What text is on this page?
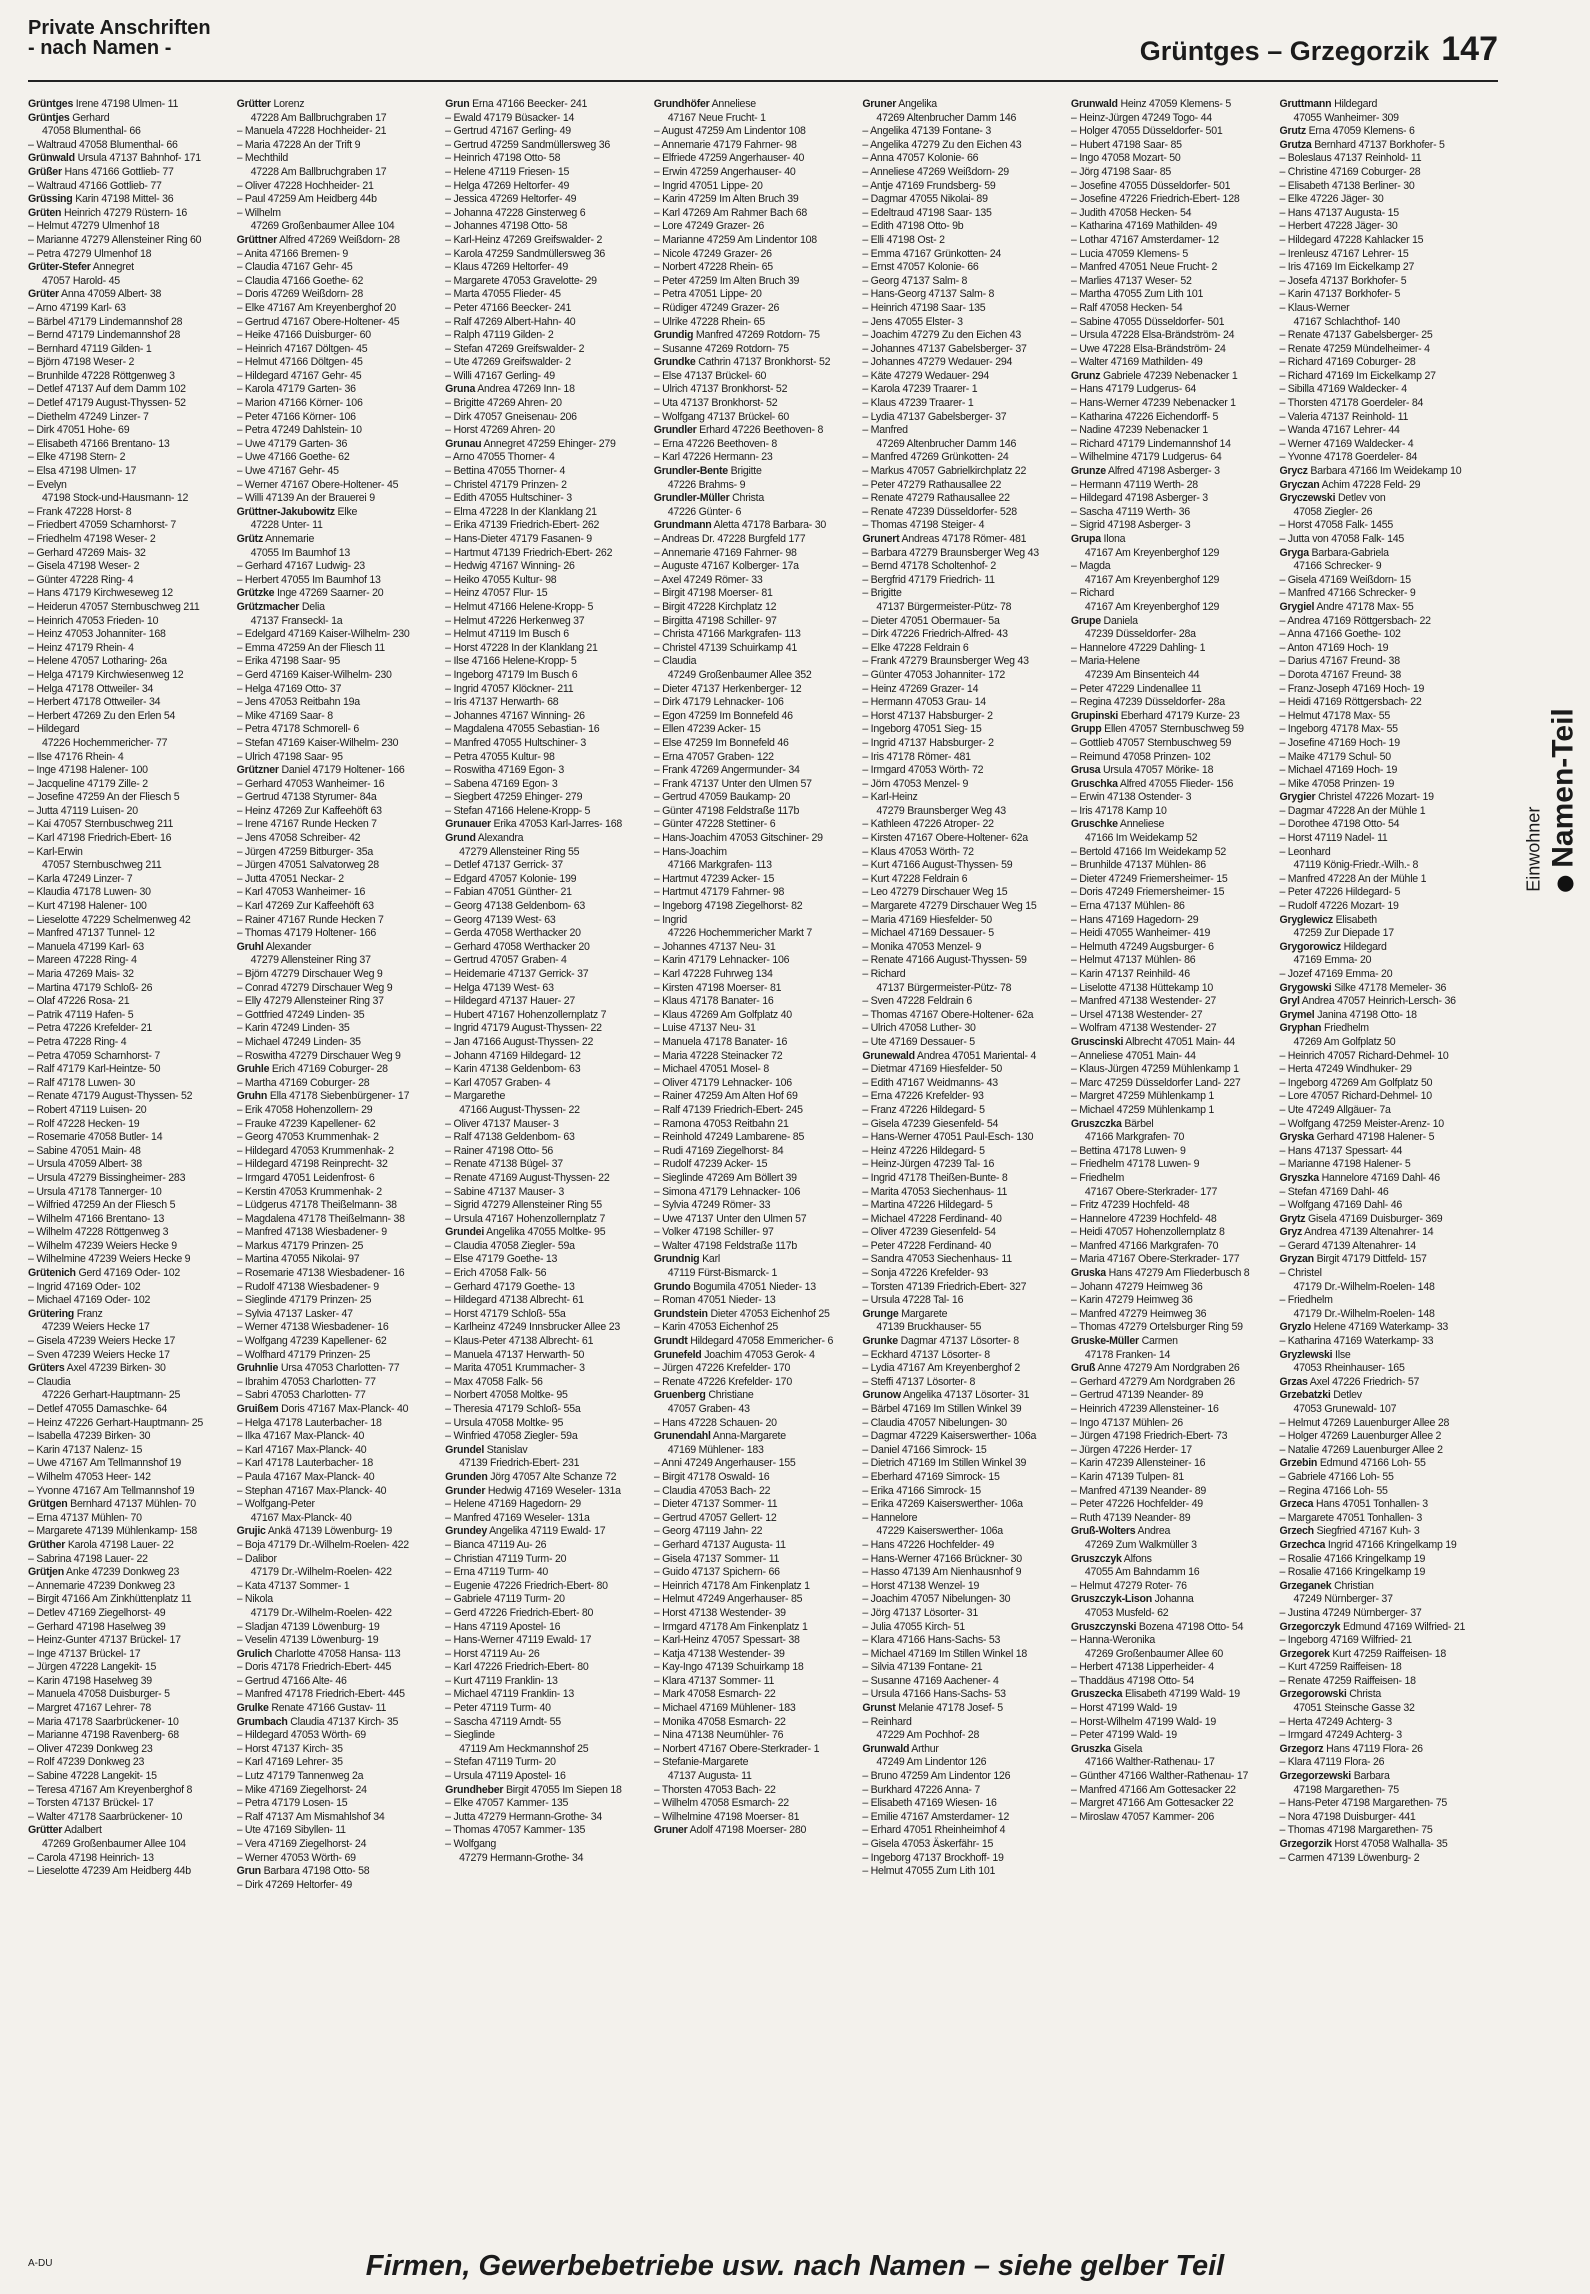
Private Anschriften
- nach Namen -	Grüntges – Grzegorzik 147
Grüntges Irene 47198 Ulmen- 11
Grüntjes Gerhard
47058 Blumenthal- 66
– Waltraud 47058 Blumenthal- 66
Grünwald Ursula 47137 Bahnhof- 171
Grüßer Hans 47166 Gottlieb- 77
– Waltraud 47166 Gottlieb- 77
Grüssing Karin 47198 Mittel- 36
Grüten Heinrich 47279 Rüstern- 16
– Helmut 47279 Ulmenhof 18
– Marianne 47279 Allensteiner Ring 60
– Petra 47279 Ulmenhof 18
Grüter-Stefer Annegret
47057 Harold- 45
Grüter Anna 47059 Albert- 38
– Arno 47199 Karl- 63
– Bärbel 47179 Lindemannshof 28
– Bernd 47179 Lindemannshof 28
– Bernhard 47119 Gilden- 1
– Björn 47198 Weser- 2
– Brunhilde 47228 Röttgenweg 3
– Detlef 47137 Auf dem Damm 102
– Detlef 47179 August-Thyssen- 52
– Diethelm 47249 Linzer- 7
– Dirk 47051 Hohe- 69
– Elisabeth 47166 Brentano- 13
– Elke 47198 Stern- 2
– Elsa 47198 Ulmen- 17
– Evelyn
47198 Stock-und-Hausmann- 12
– Frank 47228 Horst- 8
– Friedbert 47059 Scharnhorst- 7
– Friedhelm 47198 Weser- 2
– Gerhard 47269 Mais- 32
– Gisela 47198 Weser- 2
– Günter 47228 Ring- 4
– Hans 47179 Kirchweseweg 12
– Heiderun 47057 Sternbuschweg 211
– Heinrich 47053 Frieden- 10
– Heinz 47053 Johanniter- 168
– Heinz 47179 Rhein- 4
– Helene 47057 Lotharing- 26a
– Helga 47179 Kirchwiesenweg 12
– Helga 47178 Ottweiler- 34
– Herbert 47178 Ottweiler- 34
– Herbert 47269 Zu den Erlen 54
– Hildegard
47226 Hochemmericher- 77
– Ilse 47176 Rhein- 4
– Inge 47198 Halener- 100
– Jacqueline 47179 Zille- 2
– Josefine 47259 An der Fliesch 5
– Jutta 47119 Luisen- 20
– Kai 47057 Sternbuschweg 211
– Karl 47198 Friedrich-Ebert- 16
– Karl-Erwin
47057 Sternbuschweg 211
– Karla 47249 Linzer- 7
– Klaudia 47178 Luwen- 30
– Kurt 47198 Halener- 100
– Lieselotte 47229 Schelmenweg 42
– Manfred 47137 Tunnel- 12
– Manuela 47199 Karl- 63
– Mareen 47228 Ring- 4
– Maria 47269 Mais- 32
– Martina 47179 Schloß- 26
– Olaf 47226 Rosa- 21
– Patrik 47119 Hafen- 5
– Petra 47226 Krefelder- 21
– Petra 47228 Ring- 4
– Petra 47059 Scharnhorst- 7
– Ralf 47179 Karl-Heintze- 50
– Ralf 47178 Luwen- 30
– Renate 47179 August-Thyssen- 52
– Robert 47119 Luisen- 20
– Rolf 47228 Hecken- 19
– Rosemarie 47058 Butler- 14
– Sabine 47051 Main- 48
– Ursula 47059 Albert- 38
– Ursula 47279 Bissingheimer- 283
– Ursula 47178 Tannerger- 10
– Wilfried 47259 An der Fliesch 5
– Wilhelm 47166 Brentano- 13
– Wilhelm 47228 Röttgenweg 3
– Wilhelm 47239 Weiers Hecke 9
– Wilhelmine 47239 Weiers Hecke 9
Grütenich Gerd 47169 Oder- 102
– Ingrid 47169 Oder- 102
– Michael 47169 Oder- 102
Grütering Franz
47239 Weiers Hecke 17
– Gisela 47239 Weiers Hecke 17
– Sven 47239 Weiers Hecke 17
Grüters Axel 47239 Birken- 30
– Claudia
47226 Gerhart-Hauptmann- 25
– Detlef 47055 Damaschke- 64
– Heinz 47226 Gerhart-Hauptmann- 25
– Isabella 47239 Birken- 30
– Karin 47137 Nalenz- 15
– Uwe 47167 Am Tellmannshof 19
– Wilhelm 47053 Heer- 142
– Yvonne 47167 Am Tellmannshof 19
Grütgen Bernhard 47137 Mühlen- 70
– Erna 47137 Mühlen- 70
– Margarete 47139 Mühlenkamp- 158
Grüther Karola 47198 Lauer- 22
– Sabrina 47198 Lauer- 22
Grütjen Anke 47239 Donkweg 23
– Annemarie 47239 Donkweg 23
– Birgit 47166 Am Zinkhüttenplatz 11
– Detlev 47169 Ziegelhorst- 49
– Gerhard 47198 Haselweg 39
– Heinz-Gunter 47137 Brückel- 17
– Inge 47137 Brückel- 17
– Jürgen 47228 Langekit- 15
– Karin 47198 Haselweg 39
– Manuela 47058 Duisburger- 5
– Margret 47167 Lehrer- 78
– Maria 47178 Saarbrückener- 10
– Marianne 47198 Ravenberg- 68
– Oliver 47239 Donkweg 23
– Rolf 47239 Donkweg 23
– Sabine 47228 Langekit- 15
– Teresa 47167 Am Kreyenberghof 8
– Torsten 47137 Brückel- 17
– Walter 47178 Saarbrückener- 10
Grütter Adalbert
47269 Großenbaumer Allee 104
– Carola 47198 Heinrich- 13
– Lieselotte 47239 Am Heidberg 44b
Grütter Lorenz
47228 Am Ballbruchgraben 17
– Manuela 47228 Hochheider- 21
– Maria 47228 An der Trift 9
– Mechthild
47228 Am Ballbruchgraben 17
– Oliver 47228 Hochheider- 21
– Paul 47259 Am Heidberg 44b
– Wilhelm
47269 Großenbaumer Allee 104
Grüttner Alfred 47269 Weißdorn- 28
– Anita 47166 Bremen- 9
– Claudia 47167 Gehr- 45
– Claudia 47166 Goethe- 62
– Doris 47269 Weißdorn- 28
– Elke 47167 Am Kreyenberghof 20
– Gertrud 47167 Obere-Holtener- 45
– Heike 47166 Duisburger- 60
– Heinrich 47167 Döltgen- 45
– Helmut 47166 Döltgen- 45
– Hildegard 47167 Gehr- 45
– Karola 47179 Garten- 36
– Marion 47166 Körner- 106
– Peter 47166 Körner- 106
– Petra 47249 Dahlstein- 10
– Uwe 47179 Garten- 36
– Uwe 47166 Goethe- 62
– Uwe 47167 Gehr- 45
– Werner 47167 Obere-Holtener- 45
– Willi 47139 An der Brauerei 9
Grüttner-Jakubowitz Elke
47228 Unter- 11
Grütz Annemarie
47055 Im Baumhof 13
– Gerhard 47167 Ludwig- 23
– Herbert 47055 Im Baumhof 13
Grützke Inge 47269 Saarner- 20
Grützmacher Delia
47137 Franseckl- 1a
– Edelgard 47169 Kaiser-Wilhelm- 230
– Emma 47259 An der Fliesch 11
– Erika 47198 Saar- 95
– Gerd 47169 Kaiser-Wilhelm- 230
– Helga 47169 Otto- 37
– Jens 47053 Reitbahn 19a
– Mike 47169 Saar- 8
– Petra 47178 Schmorell- 6
– Stefan 47169 Kaiser-Wilhelm- 230
– Ulrich 47198 Saar- 95
Grützner Daniel 47179 Holtener- 166
– Gerhard 47053 Wanheimer- 16
– Gertrud 47138 Styrumer- 84a
– Heinz 47269 Zur Kaffeehöft 63
– Irene 47167 Runde Hecken 7
– Jens 47058 Schreiber- 42
– Jürgen 47259 Bitburger- 35a
– Jürgen 47051 Salvatorweg 28
– Jutta 47051 Neckar- 2
– Karl 47053 Wanheimer- 16
– Karl 47269 Zur Kaffeehöft 63
– Rainer 47167 Runde Hecken 7
– Thomas 47179 Holtener- 166
Gruhl Alexander
47279 Allensteiner Ring 37
– Björn 47279 Dirschauer Weg 9
– Conrad 47279 Dirschauer Weg 9
– Elly 47279 Allensteiner Ring 37
– Gottfried 47249 Linden- 35
– Karin 47249 Linden- 35
– Michael 47249 Linden- 35
– Roswitha 47279 Dirschauer Weg 9
Gruhle Erich 47169 Coburger- 28
– Martha 47169 Coburger- 28
Gruhn Ella 47178 Siebenbürgener- 17
– Erik 47058 Hohenzollern- 29
– Frauke 47239 Kapellener- 62
– Georg 47053 Krummenhak- 2
– Hildegard 47053 Krummenhak- 2
– Hildegard 47198 Reinprecht- 32
– Irmgard 47051 Leidenfrost- 6
– Kerstin 47053 Krummenhak- 2
– Lüdgerus 47178 Theißelmann- 38
– Magdalena 47178 Theißelmann- 38
– Manfred 47138 Wiesbadener- 9
– Markus 47179 Prinzen- 25
– Martina 47055 Nikolai- 97
– Rosemarie 47138 Wiesbadener- 16
– Rudolf 47138 Wiesbadener- 9
– Sieglinde 47179 Prinzen- 25
– Sylvia 47137 Lasker- 47
– Werner 47138 Wiesbadener- 16
– Wolfgang 47239 Kapellener- 62
– Wolfhard 47179 Prinzen- 25
Gruhnlie Ursa 47053 Charlotten- 77
– Ibrahim 47053 Charlotten- 77
– Sabri 47053 Charlotten- 77
Gruißem Doris 47167 Max-Planck- 40
– Helga 47178 Lauterbacher- 18
– Ilka 47167 Max-Planck- 40
– Karl 47167 Max-Planck- 40
– Karl 47178 Lauterbacher- 18
– Paula 47167 Max-Planck- 40
– Stephan 47167 Max-Planck- 40
– Wolfgang-Peter
47167 Max-Planck- 40
Grujic Ankä 47139 Löwenburg- 19
– Boja 47179 Dr.-Wilhelm-Roelen- 422
– Dalibor
47179 Dr.-Wilhelm-Roelen- 422
– Kata 47137 Sommer- 1
– Nikola
47179 Dr.-Wilhelm-Roelen- 422
– Sladjan 47139 Löwenburg- 19
– Veselin 47139 Löwenburg- 19
Grulich Charlotte 47058 Hansa- 113
– Doris 47178 Friedrich-Ebert- 445
– Gertrud 47166 Alte- 46
– Manfred 47178 Friedrich-Ebert- 445
Grulke Renate 47166 Gustav- 11
Grumbach Claudia 47137 Kirch- 35
– Hildegard 47053 Wörth- 69
– Horst 47137 Kirch- 35
– Karl 47169 Lehrer- 35
– Lutz 47179 Tannenweg 2a
– Mike 47169 Ziegelhorst- 24
– Petra 47179 Losen- 15
– Ralf 47137 Am Mismahlshof 34
– Ute 47169 Sibyllen- 11
– Vera 47169 Ziegelhorst- 24
– Werner 47053 Wörth- 69
Grun Barbara 47198 Otto- 58
– Dirk 47269 Heltorfer- 49
Grun Erna 47166 Beecker- 241
– Ewald 47179 Büsacker- 14
– Gertrud 47167 Gerling- 49
– Gertrud 47259 Sandmüllersweg 36
– Heinrich 47198 Otto- 58
– Helene 47119 Friesen- 15
– Helga 47269 Heltorfer- 49
– Jessica 47269 Heltorfer- 49
– Johanna 47228 Ginsterweg 6
– Johannes 47198 Otto- 58
– Karl-Heinz 47269 Greifswalder- 2
– Karola 47259 Sandmüllersweg 36
– Klaus 47269 Heltorfer- 49
– Margarete 47053 Gravelotte- 29
– Marta 47055 Flieder- 45
– Peter 47166 Beecker- 241
– Ralf 47269 Albert-Hahn- 40
– Ralph 47119 Gilden- 2
– Stefan 47269 Greifswalder- 2
– Ute 47269 Greifswalder- 2
– Willi 47167 Gerling- 49
Gruna Andrea 47269 Inn- 18
– Brigitte 47269 Ahren- 20
– Dirk 47057 Gneisenau- 206
– Horst 47269 Ahren- 20
Grunau Annegret 47259 Ehinger- 279
– Arno 47055 Thorner- 4
– Bettina 47055 Thorner- 4
– Christel 47179 Prinzen- 2
– Edith 47055 Hultschiner- 3
– Elma 47228 In der Klanklang 21
– Erika 47139 Friedrich-Ebert- 262
– Hans-Dieter 47179 Fasanen- 9
– Hartmut 47139 Friedrich-Ebert- 262
– Hedwig 47167 Winning- 26
– Heiko 47055 Kultur- 98
– Heinz 47057 Flur- 15
– Helmut 47166 Helene-Kropp- 5
– Helmut 47226 Herkenweg 37
– Helmut 47119 Im Busch 6
– Horst 47228 In der Klanklang 21
– Ilse 47166 Helene-Kropp- 5
– Ingeborg 47179 Im Busch 6
– Ingrid 47057 Klöckner- 211
– Iris 47137 Herwarth- 68
– Johannes 47167 Winning- 26
– Magdalena 47055 Sebastian- 16
– Manfred 47055 Hultschiner- 3
– Petra 47055 Kultur- 98
– Roswitha 47169 Egon- 3
– Sabena 47169 Egon- 3
– Siegbert 47259 Ehinger- 279
– Stefan 47166 Helene-Kropp- 5
Grunauer Erika 47053 Karl-Jarres- 168
Grund Alexandra
47279 Allensteiner Ring 55
– Detlef 47137 Gerrick- 37
– Edgard 47057 Kolonie- 199
– Fabian 47051 Günther- 21
– Georg 47138 Geldenbom- 63
– Georg 47139 West- 63
– Gerda 47058 Werthacker 20
– Gerhard 47058 Werthacker 20
– Gertrud 47057 Graben- 4
– Heidemarie 47137 Gerrick- 37
– Helga 47139 West- 63
– Hildegard 47137 Hauer- 27
– Hubert 47167 Hohenzollernplatz 7
– Ingrid 47179 August-Thyssen- 22
– Jan 47166 August-Thyssen- 22
– Johann 47169 Hildegard- 12
– Karin 47138 Geldenbom- 63
– Karl 47057 Graben- 4
– Margarethe
47166 August-Thyssen- 22
– Oliver 47137 Mauser- 3
– Ralf 47138 Geldenbom- 63
– Rainer 47198 Otto- 56
– Renate 47138 Bügel- 37
– Renate 47169 August-Thyssen- 22
– Sabine 47137 Mauser- 3
– Sigrid 47279 Allensteiner Ring 55
– Ursula 47167 Hohenzollernplatz 7
Grundei Angelika 47055 Moltke- 95
– Claudia 47058 Ziegler- 59a
– Else 47179 Goethe- 13
– Erich 47058 Falk- 56
– Gerhard 47179 Goethe- 13
– Hildegard 47138 Albrecht- 61
– Horst 47179 Schloß- 55a
– Karlheinz 47249 Innsbrucker Allee 23
– Klaus-Peter 47138 Albrecht- 61
– Manuela 47137 Herwarth- 50
– Marita 47051 Krummacher- 3
– Max 47058 Falk- 56
– Norbert 47058 Moltke- 95
– Theresia 47179 Schloß- 55a
– Ursula 47058 Moltke- 95
– Winfried 47058 Ziegler- 59a
Grundel Stanislav
47139 Friedrich-Ebert- 231
Grunden Jörg 47057 Alte Schanze 72
Grunder Hedwig 47169 Weseler- 131a
– Helene 47169 Hagedorn- 29
– Manfred 47169 Weseler- 131a
Grundey Angelika 47119 Ewald- 17
– Bianca 47119 Au- 26
– Christian 47119 Turm- 20
– Erna 47119 Turm- 40
– Eugenie 47226 Friedrich-Ebert- 80
– Gabriele 47119 Turm- 20
– Gerd 47226 Friedrich-Ebert- 80
– Hans 47119 Apostel- 16
– Hans-Werner 47119 Ewald- 17
– Horst 47119 Au- 26
– Karl 47226 Friedrich-Ebert- 80
– Kurt 47119 Franklin- 13
– Michael 47119 Franklin- 13
– Peter 47119 Turm- 40
– Sascha 47119 Arndt- 55
– Sieglinde
47119 Am Heckmannshof 25
– Stefan 47119 Turm- 20
– Ursula 47119 Apostel- 16
Grundheber Birgit 47055 Im Siepen 18
– Elke 47057 Kammer- 135
– Jutta 47279 Hermann-Grothe- 34
– Thomas 47057 Kammer- 135
– Wolfgang
47279 Hermann-Grothe- 34
Grundhöfer Anneliese
47167 Neue Frucht- 1
– August 47259 Am Lindentor 108
– Annemarie 47179 Fahrner- 98
– Elfriede 47259 Angerhauser- 40
– Erwin 47259 Angerhauser- 40
– Ingrid 47051 Lippe- 20
– Karin 47259 Im Alten Bruch 39
– Karl 47269 Am Rahmer Bach 68
– Lore 47249 Grazer- 26
– Marianne 47259 Am Lindentor 108
– Nicole 47249 Grazer- 26
– Norbert 47228 Rhein- 65
– Peter 47259 Im Alten Bruch 39
– Petra 47051 Lippe- 20
– Rüdiger 47249 Grazer- 26
– Ulrike 47228 Rhein- 65
Grundig Manfred 47269 Rotdorn- 75
– Susanne 47269 Rotdorn- 75
Grundke Cathrin 47137 Bronkhorst- 52
– Else 47137 Brückel- 60
– Ulrich 47137 Bronkhorst- 52
– Uta 47137 Bronkhorst- 52
– Wolfgang 47137 Brückel- 60
Grundler Erhard 47226 Beethoven- 8
– Erna 47226 Beethoven- 8
– Karl 47226 Hermann- 23
Grundler-Bente Brigitte
47226 Brahms- 9
Grundler-Müller Christa
47226 Günter- 6
Grundmann Aletta 47178 Barbara- 30
– Andreas Dr. 47228 Burgfeld 177
– Annemarie 47169 Fahrner- 98
– Auguste 47167 Kolberger- 17a
– Axel 47249 Römer- 33
– Birgit 47198 Moerser- 81
– Birgit 47228 Kirchplatz 12
– Birgitta 47198 Schiller- 97
– Christa 47166 Markgrafen- 113
– Christel 47139 Schuirkamp 41
– Claudia
47249 Großenbaumer Allee 352
– Dieter 47137 Herkenberger- 12
– Dirk 47179 Lehnacker- 106
– Egon 47259 Im Bonnefeld 46
– Ellen 47239 Acker- 15
– Else 47259 Im Bonnefeld 46
– Erna 47057 Graben- 122
– Frank 47269 Angermunder- 34
– Frank 47137 Unter den Ulmen 57
– Gertrud 47059 Baukamp- 20
– Günter 47198 Feldstraße 117b
– Günter 47228 Stettiner- 6
– Hans-Joachim 47053 Gitschiner- 29
– Hans-Joachim
47166 Markgrafen- 113
– Hartmut 47239 Acker- 15
– Hartmut 47179 Fahrner- 98
– Ingeborg 47198 Ziegelhorst- 82
– Ingrid
47226 Hochemmericher Markt 7
– Johannes 47137 Neu- 31
– Karin 47179 Lehnacker- 106
– Karl 47228 Fuhrweg 134
– Kirsten 47198 Moerser- 81
– Klaus 47178 Banater- 16
– Klaus 47269 Am Golfplatz 40
– Luise 47137 Neu- 31
– Manuela 47178 Banater- 16
– Maria 47228 Steinacker 72
– Michael 47051 Mosel- 8
– Oliver 47179 Lehnacker- 106
– Rainer 47259 Am Alten Hof 69
– Ralf 47139 Friedrich-Ebert- 245
– Ramona 47053 Reitbahn 21
– Reinhold 47249 Lambarene- 85
– Rudi 47169 Ziegelhorst- 84
– Rudolf 47239 Acker- 15
– Sieglinde 47269 Am Böllert 39
– Simona 47179 Lehnacker- 106
– Sylvia 47249 Römer- 33
– Uwe 47137 Unter den Ulmen 57
– Volker 47198 Schiller- 97
– Walter 47198 Feldstraße 117b
Grundnig Karl
47119 Fürst-Bismarck- 1
Grundo Bogumila 47051 Nieder- 13
– Roman 47051 Nieder- 13
Grundstein Dieter 47053 Eichenhof 25
– Karin 47053 Eichenhof 25
Grundt Hildegard 47058 Emmericher- 6
Grunefeld Joachim 47053 Gerok- 4
– Jürgen 47226 Krefelder- 170
– Renate 47226 Krefelder- 170
Gruenberg Christiane
47057 Graben- 43
– Hans 47228 Schauen- 20
Grunendahl Anna-Margarete
47169 Mühlener- 183
– Anni 47249 Angerhauser- 155
– Birgit 47178 Oswald- 16
– Claudia 47053 Bach- 22
– Dieter 47137 Sommer- 11
– Gertrud 47057 Gellert- 12
– Georg 47119 Jahn- 22
– Gerhard 47137 Augusta- 11
– Gisela 47137 Sommer- 11
– Guido 47137 Spichern- 66
– Heinrich 47178 Am Finkenplatz 1
– Helmut 47249 Angerhauser- 85
– Horst 47138 Westender- 39
– Irmgard 47178 Am Finkenplatz 1
– Karl-Heinz 47057 Spessart- 38
– Katja 47138 Westender- 39
– Kay-Ingo 47139 Schuirkamp 18
– Klara 47137 Sommer- 11
– Mark 47058 Esmarch- 22
– Michael 47169 Mühlener- 183
– Monika 47058 Esmarch- 22
– Nina 47138 Neumühler- 76
– Norbert 47167 Obere-Sterkrader- 1
– Stefanie-Margarete
47137 Augusta- 11
– Thorsten 47053 Bach- 22
– Wilhelm 47058 Esmarch- 22
– Wilhelmine 47198 Moerser- 81
Gruner Adolf 47198 Moerser- 280
Gruner Angelika
47269 Altenbrucher Damm 146
– Angelika 47139 Fontane- 3
– Angelika 47279 Zu den Eichen 43
– Anna 47057 Kolonie- 66
– Anneliese 47269 Weißdorn- 29
– Antje 47169 Frundsberg- 59
– Dagmar 47055 Nikolai- 89
– Edeltraud 47198 Saar- 135
– Edith 47198 Otto- 9b
– Elli 47198 Ost- 2
– Emma 47167 Grünkotten- 24
– Ernst 47057 Kolonie- 66
– Georg 47137 Salm- 8
– Hans-Georg 47137 Salm- 8
– Heinrich 47198 Saar- 135
– Jens 47055 Elster- 3
– Joachim 47279 Zu den Eichen 43
– Johannes 47137 Gabelsberger- 37
– Johannes 47279 Wedauer- 294
– Käte 47279 Wedauer- 294
– Karola 47239 Traarer- 1
– Klaus 47239 Traarer- 1
– Lydia 47137 Gabelsberger- 37
– Manfred
47269 Altenbrucher Damm 146
– Manfred 47269 Grünkotten- 24
– Markus 47057 Gabrielkirchplatz 22
– Peter 47279 Rathausallee 22
– Renate 47279 Rathausallee 22
– Renate 47239 Düsseldorfer- 528
– Thomas 47198 Steiger- 4
Grunert Andreas 47178 Römer- 481
– Barbara 47279 Braunsberger Weg 43
– Bernd 47178 Scholtenhof- 2
– Bergfrid 47179 Friedrich- 11
– Brigitte
47137 Bürgermeister-Pütz- 78
– Dieter 47051 Obermauer- 5a
– Dirk 47226 Friedrich-Alfred- 43
– Elke 47228 Feldrain 6
– Frank 47279 Braunsberger Weg 43
– Günter 47053 Johanniter- 172
– Heinz 47269 Grazer- 14
– Hermann 47053 Grau- 14
– Horst 47137 Habsburger- 2
– Ingeborg 47051 Sieg- 15
– Ingrid 47137 Habsburger- 2
– Iris 47178 Römer- 481
– Irmgard 47053 Wörth- 72
– Jörn 47053 Menzel- 9
– Karl-Heinz
47279 Braunsberger Weg 43
– Kathleen 47226 Atroper- 22
– Kirsten 47167 Obere-Holtener- 62a
– Klaus 47053 Wörth- 72
– Kurt 47166 August-Thyssen- 59
– Kurt 47228 Feldrain 6
– Leo 47279 Dirschauer Weg 15
– Margarete 47279 Dirschauer Weg 15
– Maria 47169 Hiesfelder- 50
– Michael 47169 Dessauer- 5
– Monika 47053 Menzel- 9
– Renate 47166 August-Thyssen- 59
– Richard
47137 Bürgermeister-Pütz- 78
– Sven 47228 Feldrain 6
– Thomas 47167 Obere-Holtener- 62a
– Ulrich 47058 Luther- 30
– Ute 47169 Dessauer- 5
Grunewald Andrea 47051 Mariental- 4
– Dietmar 47169 Hiesfelder- 50
– Edith 47167 Weidmanns- 43
– Erna 47226 Krefelder- 93
– Franz 47226 Hildegard- 5
– Gisela 47239 Giesenfeld- 54
– Hans-Werner 47051 Paul-Esch- 130
– Heinz 47226 Hildegard- 5
– Heinz-Jürgen 47239 Tal- 16
– Ingrid 47178 Theißen-Bunte- 8
– Marita 47053 Siechenhaus- 11
– Martina 47226 Hildegard- 5
– Michael 47228 Ferdinand- 40
– Oliver 47239 Giesenfeld- 54
– Peter 47228 Ferdinand- 40
– Sandra 47053 Siechenhaus- 11
– Sonja 47226 Krefelder- 93
– Torsten 47139 Friedrich-Ebert- 327
– Ursula 47228 Tal- 16
Grunge Margarete
47139 Bruckhauser- 55
Grunke Dagmar 47137 Lösorter- 8
– Eckhard 47137 Lösorter- 8
– Lydia 47167 Am Kreyenberghof 2
– Steffi 47137 Lösorter- 8
Grunow Angelika 47137 Lösorter- 31
– Bärbel 47169 Im Stillen Winkel 39
– Claudia 47057 Nibelungen- 30
– Dagmar 47229 Kaiserswerther- 106a
– Daniel 47166 Simrock- 15
– Dietrich 47169 Im Stillen Winkel 39
– Eberhard 47169 Simrock- 15
– Erika 47166 Simrock- 15
– Erika 47269 Kaiserswerther- 106a
– Hannelore
47229 Kaiserswerther- 106a
– Hans 47226 Hochfelder- 49
– Hans-Werner 47166 Brückner- 30
– Hasso 47139 Am Nienhausnhof 9
– Horst 47138 Wenzel- 19
– Joachim 47057 Nibelungen- 30
– Jörg 47137 Lösorter- 31
– Julia 47055 Kirch- 51
– Klara 47166 Hans-Sachs- 53
– Michael 47169 Im Stillen Winkel 18
– Silvia 47139 Fontane- 21
– Susanne 47169 Aachener- 4
– Ursula 47166 Hans-Sachs- 53
Grunst Melanie 47178 Josef- 5
– Reinhard
47229 Am Pochhof- 28
Grunwald Arthur
47249 Am Lindentor 126
– Bruno 47259 Am Lindentor 126
– Burkhard 47226 Anna- 7
– Elisabeth 47169 Wiesen- 16
– Emilie 47167 Amsterdamer- 12
– Erhard 47051 Rheinheimhof 4
– Gisela 47053 Äskerfähr- 15
– Ingeborg 47137 Brockhoff- 19
– Helmut 47055 Zum Lith 101
Grunwald Heinz 47059 Klemens- 5
– Heinz-Jürgen 47249 Togo- 44
– Holger 47055 Düsseldorfer- 501
– Hubert 47198 Saar- 85
– Ingo 47058 Mozart- 50
– Jörg 47198 Saar- 85
– Josefine 47055 Düsseldorfer- 501
– Josefine 47226 Friedrich-Ebert- 128
– Judith 47058 Hecken- 54
– Katharina 47169 Mathilden- 49
– Lothar 47167 Amsterdamer- 12
– Lucia 47059 Klemens- 5
– Manfred 47051 Neue Frucht- 2
– Marlies 47137 Weser- 52
– Martha 47055 Zum Lith 101
– Ralf 47058 Hecken- 54
– Sabine 47055 Düsseldorfer- 501
– Ursula 47228 Elsa-Brändström- 24
– Uwe 47228 Elsa-Brändström- 24
– Walter 47169 Mathilden- 49
Grunz Gabriele 47239 Nebenacker 1
– Hans 47179 Ludgerus- 64
– Hans-Werner 47239 Nebenacker 1
– Katharina 47226 Eichendorff- 5
– Nadine 47239 Nebenacker 1
– Richard 47179 Lindemannshof 14
– Wilhelmine 47179 Ludgerus- 64
Grunze Alfred 47198 Asberger- 3
– Hermann 47119 Werth- 28
– Hildegard 47198 Asberger- 3
– Sascha 47119 Werth- 36
– Sigrid 47198 Asberger- 3
Grupa Ilona
47167 Am Kreyenberghof 129
– Magda
47167 Am Kreyenberghof 129
– Richard
47167 Am Kreyenberghof 129
Grupe Daniela
47239 Düsseldorfer- 28a
– Hannelore 47229 Dahling- 1
– Maria-Helene
47239 Am Binsenteich 44
– Peter 47229 Lindenallee 11
– Regina 47239 Düsseldorfer- 28a
Grupinski Eberhard 47179 Kurze- 23
Grupp Ellen 47057 Sternbuschweg 59
– Gottlieb 47057 Sternbuschweg 59
– Reimund 47058 Prinzen- 102
Grusa Ursula 47057 Mörike- 18
Gruschka Alfred 47055 Flieder- 156
– Erwin 47138 Ostender- 3
– Iris 47178 Kamp 10
Gruschke Anneliese
47166 Im Weidekamp 52
– Bertold 47166 Im Weidekamp 52
– Brunhilde 47137 Mühlen- 86
– Dieter 47249 Friemersheimer- 15
– Doris 47249 Friemersheimer- 15
– Erna 47137 Mühlen- 86
– Hans 47169 Hagedorn- 29
– Heidi 47055 Wanheimer- 419
– Helmuth 47249 Augsburger- 6
– Helmut 47137 Mühlen- 86
– Karin 47137 Reinhild- 46
– Liselotte 47138 Hüttekamp 10
– Manfred 47138 Westender- 27
– Ursel 47138 Westender- 27
– Wolfram 47138 Westender- 27
Gruscinski Albrecht 47051 Main- 44
– Anneliese 47051 Main- 44
– Klaus-Jürgen 47259 Mühlenkamp 1
– Marc 47259 Düsseldorfer Land- 227
– Margret 47259 Mühlenkamp 1
– Michael 47259 Mühlenkamp 1
Gruszczka Bärbel
47166 Markgrafen- 70
– Bettina 47178 Luwen- 9
– Friedhelm 47178 Luwen- 9
– Friedhelm
47167 Obere-Sterkrader- 177
– Fritz 47239 Hochfeld- 48
– Hannelore 47239 Hochfeld- 48
– Heidi 47057 Hohenzollernplatz 8
– Manfred 47166 Markgrafen- 70
– Maria 47167 Obere-Sterkrader- 177
Gruska Hans 47279 Am Fliederbusch 8
– Johann 47279 Heimweg 36
– Karin 47279 Heimweg 36
– Manfred 47279 Heimweg 36
– Thomas 47279 Ortelsburger Ring 59
Gruske-Müller Carmen
47178 Franken- 14
Gruß Anne 47279 Am Nordgraben 26
– Gerhard 47279 Am Nordgraben 26
– Gertrud 47139 Neander- 89
– Heinrich 47239 Allensteiner- 16
– Ingo 47137 Mühlen- 26
– Jürgen 47198 Friedrich-Ebert- 73
– Jürgen 47226 Herder- 17
– Karin 47239 Allensteiner- 16
– Karin 47139 Tulpen- 81
– Manfred 47139 Neander- 89
– Peter 47226 Hochfelder- 49
– Ruth 47139 Neander- 89
Gruß-Wolters Andrea
47269 Zum Walkmüller 3
Gruszczyk Alfons
47055 Am Bahndamm 16
– Helmut 47279 Roter- 76
Gruszczyk-Lison Johanna
47053 Musfeld- 62
Gruszczynski Bozena 47198 Otto- 54
– Hanna-Weronika
47269 Großenbaumer Allee 60
– Herbert 47138 Lipperheider- 4
– Thaddäus 47198 Otto- 54
Gruszecka Elisabeth 47199 Wald- 19
– Horst 47199 Wald- 19
– Horst-Wilhelm 47199 Wald- 19
– Peter 47199 Wald- 19
Gruszka Gisela
47166 Walther-Rathenau- 17
– Günther 47166 Walther-Rathenau- 17
– Manfred 47166 Am Gottesacker 22
– Margret 47166 Am Gottesacker 22
– Miroslaw 47057 Kammer- 206
Gruttmann Hildegard
47055 Wanheimer- 309
Grutz Erna 47059 Klemens- 6
Grutza Bernhard 47137 Borkhofer- 5
– Boleslaus 47137 Reinhold- 11
– Christine 47169 Coburger- 28
– Elisabeth 47138 Berliner- 30
– Elke 47226 Jäger- 30
– Hans 47137 Augusta- 15
– Herbert 47228 Jäger- 30
– Hildegard 47228 Kahlacker 15
– Irenleusz 47167 Lehrer- 15
– Iris 47169 Im Eickelkamp 27
– Josefa 47137 Borkhofer- 5
– Karin 47137 Borkhofer- 5
– Klaus-Werner
47167 Schlachthof- 140
– Renate 47137 Gabelsberger- 25
– Renate 47259 Mündelheimer- 4
– Richard 47169 Coburger- 28
– Richard 47169 Im Eickelkamp 27
– Sibilla 47169 Waldecker- 4
– Thorsten 47178 Goerdeler- 84
– Valeria 47137 Reinhold- 11
– Wanda 47167 Lehrer- 44
– Werner 47169 Waldecker- 4
– Yvonne 47178 Goerdeler- 84
Grycz Barbara 47166 Im Weidekamp 10
Gryczan Achim 47228 Feld- 29
Gryczewski Detlev von
47058 Ziegler- 26
– Horst 47058 Falk- 1455
– Jutta von 47058 Falk- 145
Gryga Barbara-Gabriela
47166 Schrecker- 9
– Gisela 47169 Weißdorn- 15
– Manfred 47166 Schrecker- 9
Grygiel Andre 47178 Max- 55
– Andrea 47169 Röttgersbach- 22
– Anna 47166 Goethe- 102
– Anton 47169 Hoch- 19
– Darius 47167 Freund- 38
– Dorota 47167 Freund- 38
– Franz-Joseph 47169 Hoch- 19
– Heidi 47169 Röttgersbach- 22
– Helmut 47178 Max- 55
– Ingeborg 47178 Max- 55
– Josefine 47169 Hoch- 19
– Maike 47179 Schul- 50
– Michael 47169 Hoch- 19
– Mike 47058 Prinzen- 19
Grygier Christel 47226 Mozart- 19
– Dagmar 47228 An der Mühle 1
– Dorothee 47198 Otto- 54
– Horst 47119 Nadel- 11
– Leonhard
47119 König-Friedr.-Wilh.- 8
– Manfred 47228 An der Mühle 1
– Peter 47226 Hildegard- 5
– Rudolf 47226 Mozart- 19
Gryglewicz Elisabeth
47259 Zur Diepade 17
Grygorowicz Hildegard
47169 Emma- 20
– Jozef 47169 Emma- 20
Grygowski Silke 47178 Memeler- 36
Gryl Andrea 47057 Heinrich-Lersch- 36
Grymel Janina 47198 Otto- 18
Gryphan Friedhelm
47269 Am Golfplatz 50
– Heinrich 47057 Richard-Dehmel- 10
– Herta 47249 Windhuker- 29
– Ingeborg 47269 Am Golfplatz 50
– Lore 47057 Richard-Dehmel- 10
– Ute 47249 Allgäuer- 7a
– Wolfgang 47259 Meister-Arenz- 10
Gryska Gerhard 47198 Halener- 5
– Hans 47137 Spessart- 44
– Marianne 47198 Halener- 5
Gryszka Hannelore 47169 Dahl- 46
– Stefan 47169 Dahl- 46
– Wolfgang 47169 Dahl- 46
Grytz Gisela 47169 Duisburger- 369
Gryz Andrea 47139 Altenahrer- 14
– Gerard 47139 Altenahrer- 14
Gryzan Birgit 47179 Dittfeld- 157
– Christel
47179 Dr.-Wilhelm-Roelen- 148
– Friedhelm
47179 Dr.-Wilhelm-Roelen- 148
Gryzlo Helene 47169 Waterkamp- 33
– Katharina 47169 Waterkamp- 33
Gryzlewski Ilse
47053 Rheinhauser- 165
Grzas Axel 47226 Friedrich- 57
Grzebatzki Detlev
47053 Grunewald- 107
– Helmut 47269 Lauenburger Allee 28
– Holger 47269 Lauenburger Allee 2
– Natalie 47269 Lauenburger Allee 2
Grzebin Edmund 47166 Loh- 55
– Gabriele 47166 Loh- 55
– Regina 47166 Loh- 55
Grzeca Hans 47051 Tonhallen- 3
– Margarete 47051 Tonhallen- 3
Grzech Siegfried 47167 Kuh- 3
Grzechca Ingrid 47166 Kringelkamp 19
– Rosalie 47166 Kringelkamp 19
– Rosalie 47166 Kringelkamp 19
Grzeganek Christian
47249 Nürnberger- 37
– Justina 47249 Nürnberger- 37
Grzegorczyk Edmund 47169 Wilfried- 21
– Ingeborg 47169 Wilfried- 21
Grzegorek Kurt 47259 Raiffeisen- 18
– Kurt 47259 Raiffeisen- 18
– Renate 47259 Raiffeisen- 18
Grzegorowski Christa
47051 Steinsche Gasse 32
– Herta 47249 Achterg- 3
– Irmgard 47249 Achterg- 3
Grzegorz Hans 47119 Flora- 26
– Klara 47119 Flora- 26
Grzegorzewski Barbara
47198 Margarethen- 75
– Hans-Peter 47198 Margarethen- 75
– Nora 47198 Duisburger- 441
– Thomas 47198 Margarethen- 75
Grzegorzik Horst 47058 Walhalla- 35
– Carmen 47139 Löwenburg- 2
Einwohner Namen-Teil
A-DU	Firmen, Gewerbebetriebe usw. nach Namen – siehe gelber Teil
